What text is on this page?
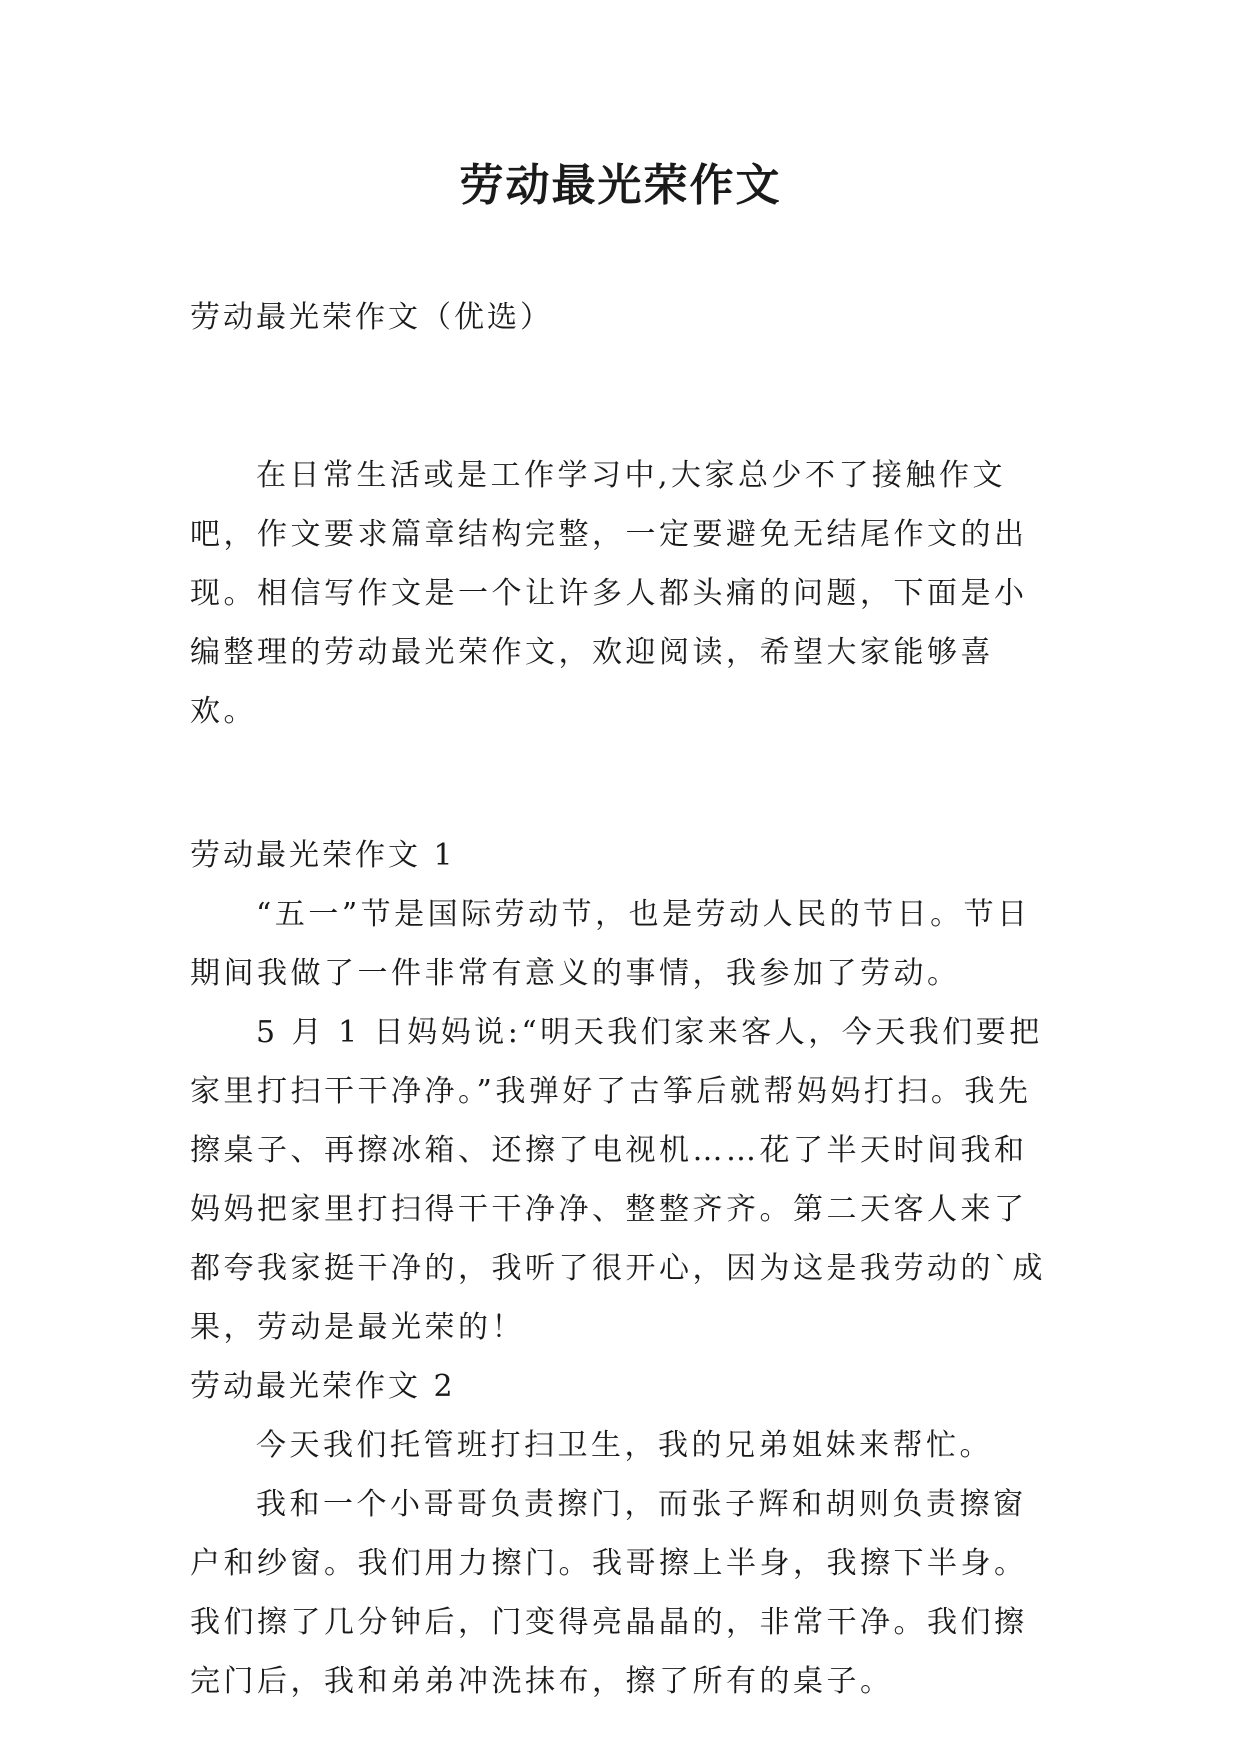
劳动最光荣作文

劳动最光荣作文（优选）

在日常生活或是工作学习中,大家总少不了接触作文吧，作文要求篇章结构完整，一定要避免无结尾作文的出现。相信写作文是一个让许多人都头痛的问题，下面是小编整理的劳动最光荣作文，欢迎阅读，希望大家能够喜欢。

劳动最光荣作文 1

“五一”节是国际劳动节，也是劳动人民的节日。节日期间我做了一件非常有意义的事情，我参加了劳动。

5 月 1 日妈妈说:“明天我们家来客人，今天我们要把家里打扫干干净净。”我弹好了古筝后就帮妈妈打扫。我先擦桌子、再擦冰箱、还擦了电视机……花了半天时间我和妈妈把家里打扫得干干净净、整整齐齐。第二天客人来了都夸我家挺干净的，我听了很开心，因为这是我劳动的`成果，劳动是最光荣的！

劳动最光荣作文 2

今天我们托管班打扫卫生，我的兄弟姐妹来帮忙。

我和一个小哥哥负责擦门，而张子辉和胡则负责擦窗户和纱窗。我们用力擦门。我哥擦上半身，我擦下半身。我们擦了几分钟后，门变得亮晶晶的，非常干净。我们擦完门后，我和弟弟冲洗抹布，擦了所有的桌子。
